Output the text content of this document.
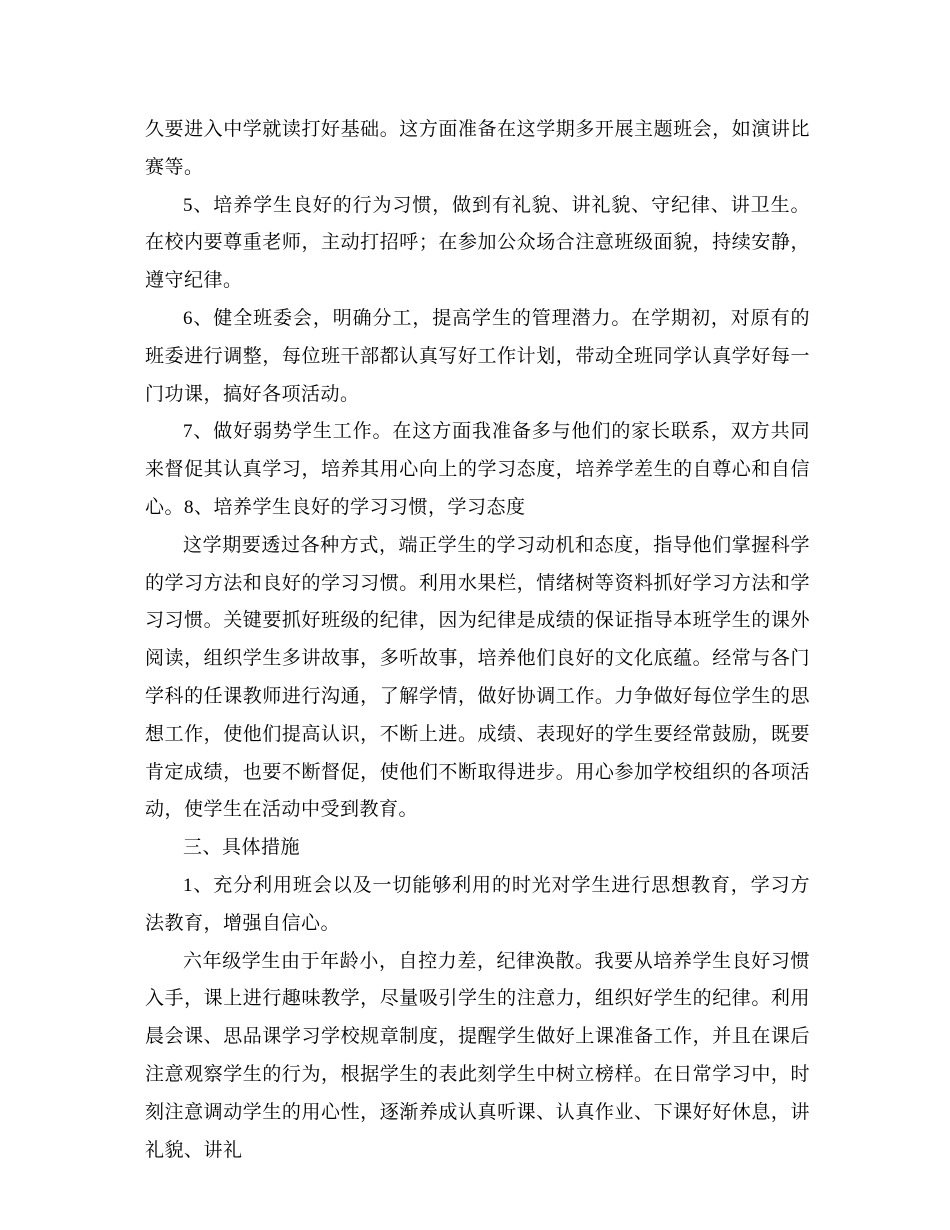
久要进入中学就读打好基础。这方面准备在这学期多开展主题班会，如演讲比赛等。

5、培养学生良好的行为习惯，做到有礼貌、讲礼貌、守纪律、讲卫生。在校内要尊重老师，主动打招呼；在参加公众场合注意班级面貌，持续安静，遵守纪律。

6、健全班委会，明确分工，提高学生的管理潜力。在学期初，对原有的班委进行调整，每位班干部都认真写好工作计划，带动全班同学认真学好每一门功课，搞好各项活动。

7、做好弱势学生工作。在这方面我准备多与他们的家长联系，双方共同来督促其认真学习，培养其用心向上的学习态度，培养学差生的自尊心和自信心。8、培养学生良好的学习习惯，学习态度

这学期要透过各种方式，端正学生的学习动机和态度，指导他们掌握科学的学习方法和良好的学习习惯。利用水果栏，情绪树等资料抓好学习方法和学习习惯。关键要抓好班级的纪律，因为纪律是成绩的保证指导本班学生的课外阅读，组织学生多讲故事，多听故事，培养他们良好的文化底蕴。经常与各门学科的任课教师进行沟通，了解学情，做好协调工作。力争做好每位学生的思想工作，使他们提高认识，不断上进。成绩、表现好的学生要经常鼓励，既要肯定成绩，也要不断督促，使他们不断取得进步。用心参加学校组织的各项活动，使学生在活动中受到教育。

三、具体措施

1、充分利用班会以及一切能够利用的时光对学生进行思想教育，学习方法教育，增强自信心。

六年级学生由于年龄小，自控力差，纪律涣散。我要从培养学生良好习惯入手，课上进行趣味教学，尽量吸引学生的注意力，组织好学生的纪律。利用晨会课、思品课学习学校规章制度，提醒学生做好上课准备工作，并且在课后注意观察学生的行为，根据学生的表此刻学生中树立榜样。在日常学习中，时刻注意调动学生的用心性，逐渐养成认真听课、认真作业、下课好好休息，讲礼貌、讲礼
